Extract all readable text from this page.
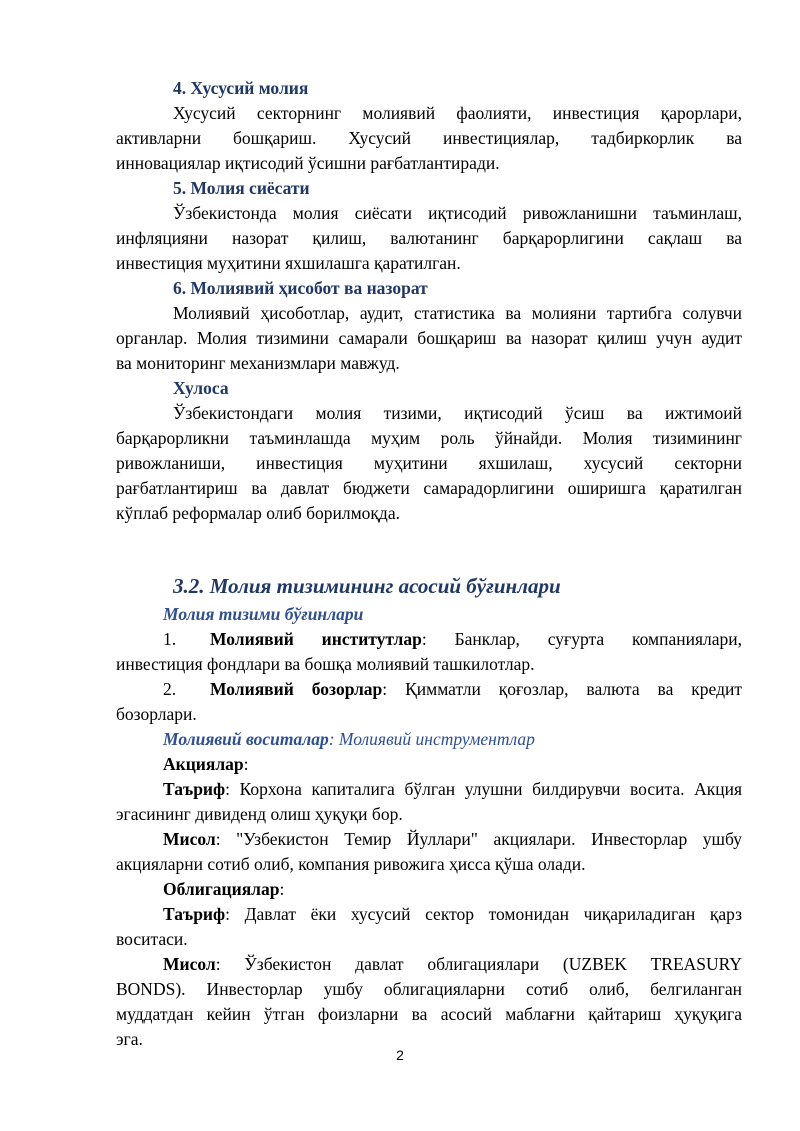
4. Хусусий молия

Хусусий секторнинг молиявий фаолияти, инвестиция қарорлари,

активларни бошқариш. Хусусий инвестициялар, тадбиркорлик ва

инновациялар иқтисодий ўсишни рағбатлантиради.

5. Молия сиёсати

Ўзбекистонда молия сиёсати иқтисодий ривожланишни таъминлаш,

инфляцияни назорат қилиш, валютанинг барқарорлигини сақлаш ва

инвестиция муҳитини яхшилашга қаратилган.

6. Молиявий ҳисобот ва назорат

Молиявий ҳисоботлар, аудит, статистика ва молияни тартибга солувчи

органлар. Молия тизимини самарали бошқариш ва назорат қилиш учун аудит

ва мониторинг механизмлари мавжуд.

Хулоса

Ўзбекистондаги молия тизими, иқтисодий ўсиш ва ижтимоий

барқарорликни таъминлашда муҳим роль ўйнайди. Молия тизимининг

ривожланиши, инвестиция муҳитини яхшилаш, хусусий секторни

рағбатлантириш ва давлат бюджети самарадорлигини оширишга қаратилган

кўплаб реформалар олиб борилмоқда.

3.2. Молия тизимининг асосий бўғинлари

Молия тизими бўғинлари

1. Молиявий институтлар: Банклар, суғурта компаниялари,

инвестиция фондлари ва бошқа молиявий ташкилотлар.

2. Молиявий бозорлар: Қимматли қоғозлар, валюта ва кредит

бозорлари.

Молиявий воситалар: Молиявий инструментлар

Акциялар:

Таъриф: Корхона капиталига бўлган улушни билдирувчи восита. Акция

эгасининг дивиденд олиш ҳуқуқи бор.

Мисол: "Узбекистон Темир Йуллари" акциялари. Инвесторлар ушбу

акцияларни сотиб олиб, компания ривожига ҳисса қўша олади.

Облигациялар:

Таъриф: Давлат ёки хусусий сектор томонидан чиқариладиган қарз

воситаси.

Мисол: Ўзбекистон давлат облигациялари (UZBEK TREASURY

BONDS). Инвесторлар ушбу облигацияларни сотиб олиб, белгиланган

муддатдан кейин ўтган фоизларни ва асосий маблағни қайтариш ҳуқуқига

эга.

2
